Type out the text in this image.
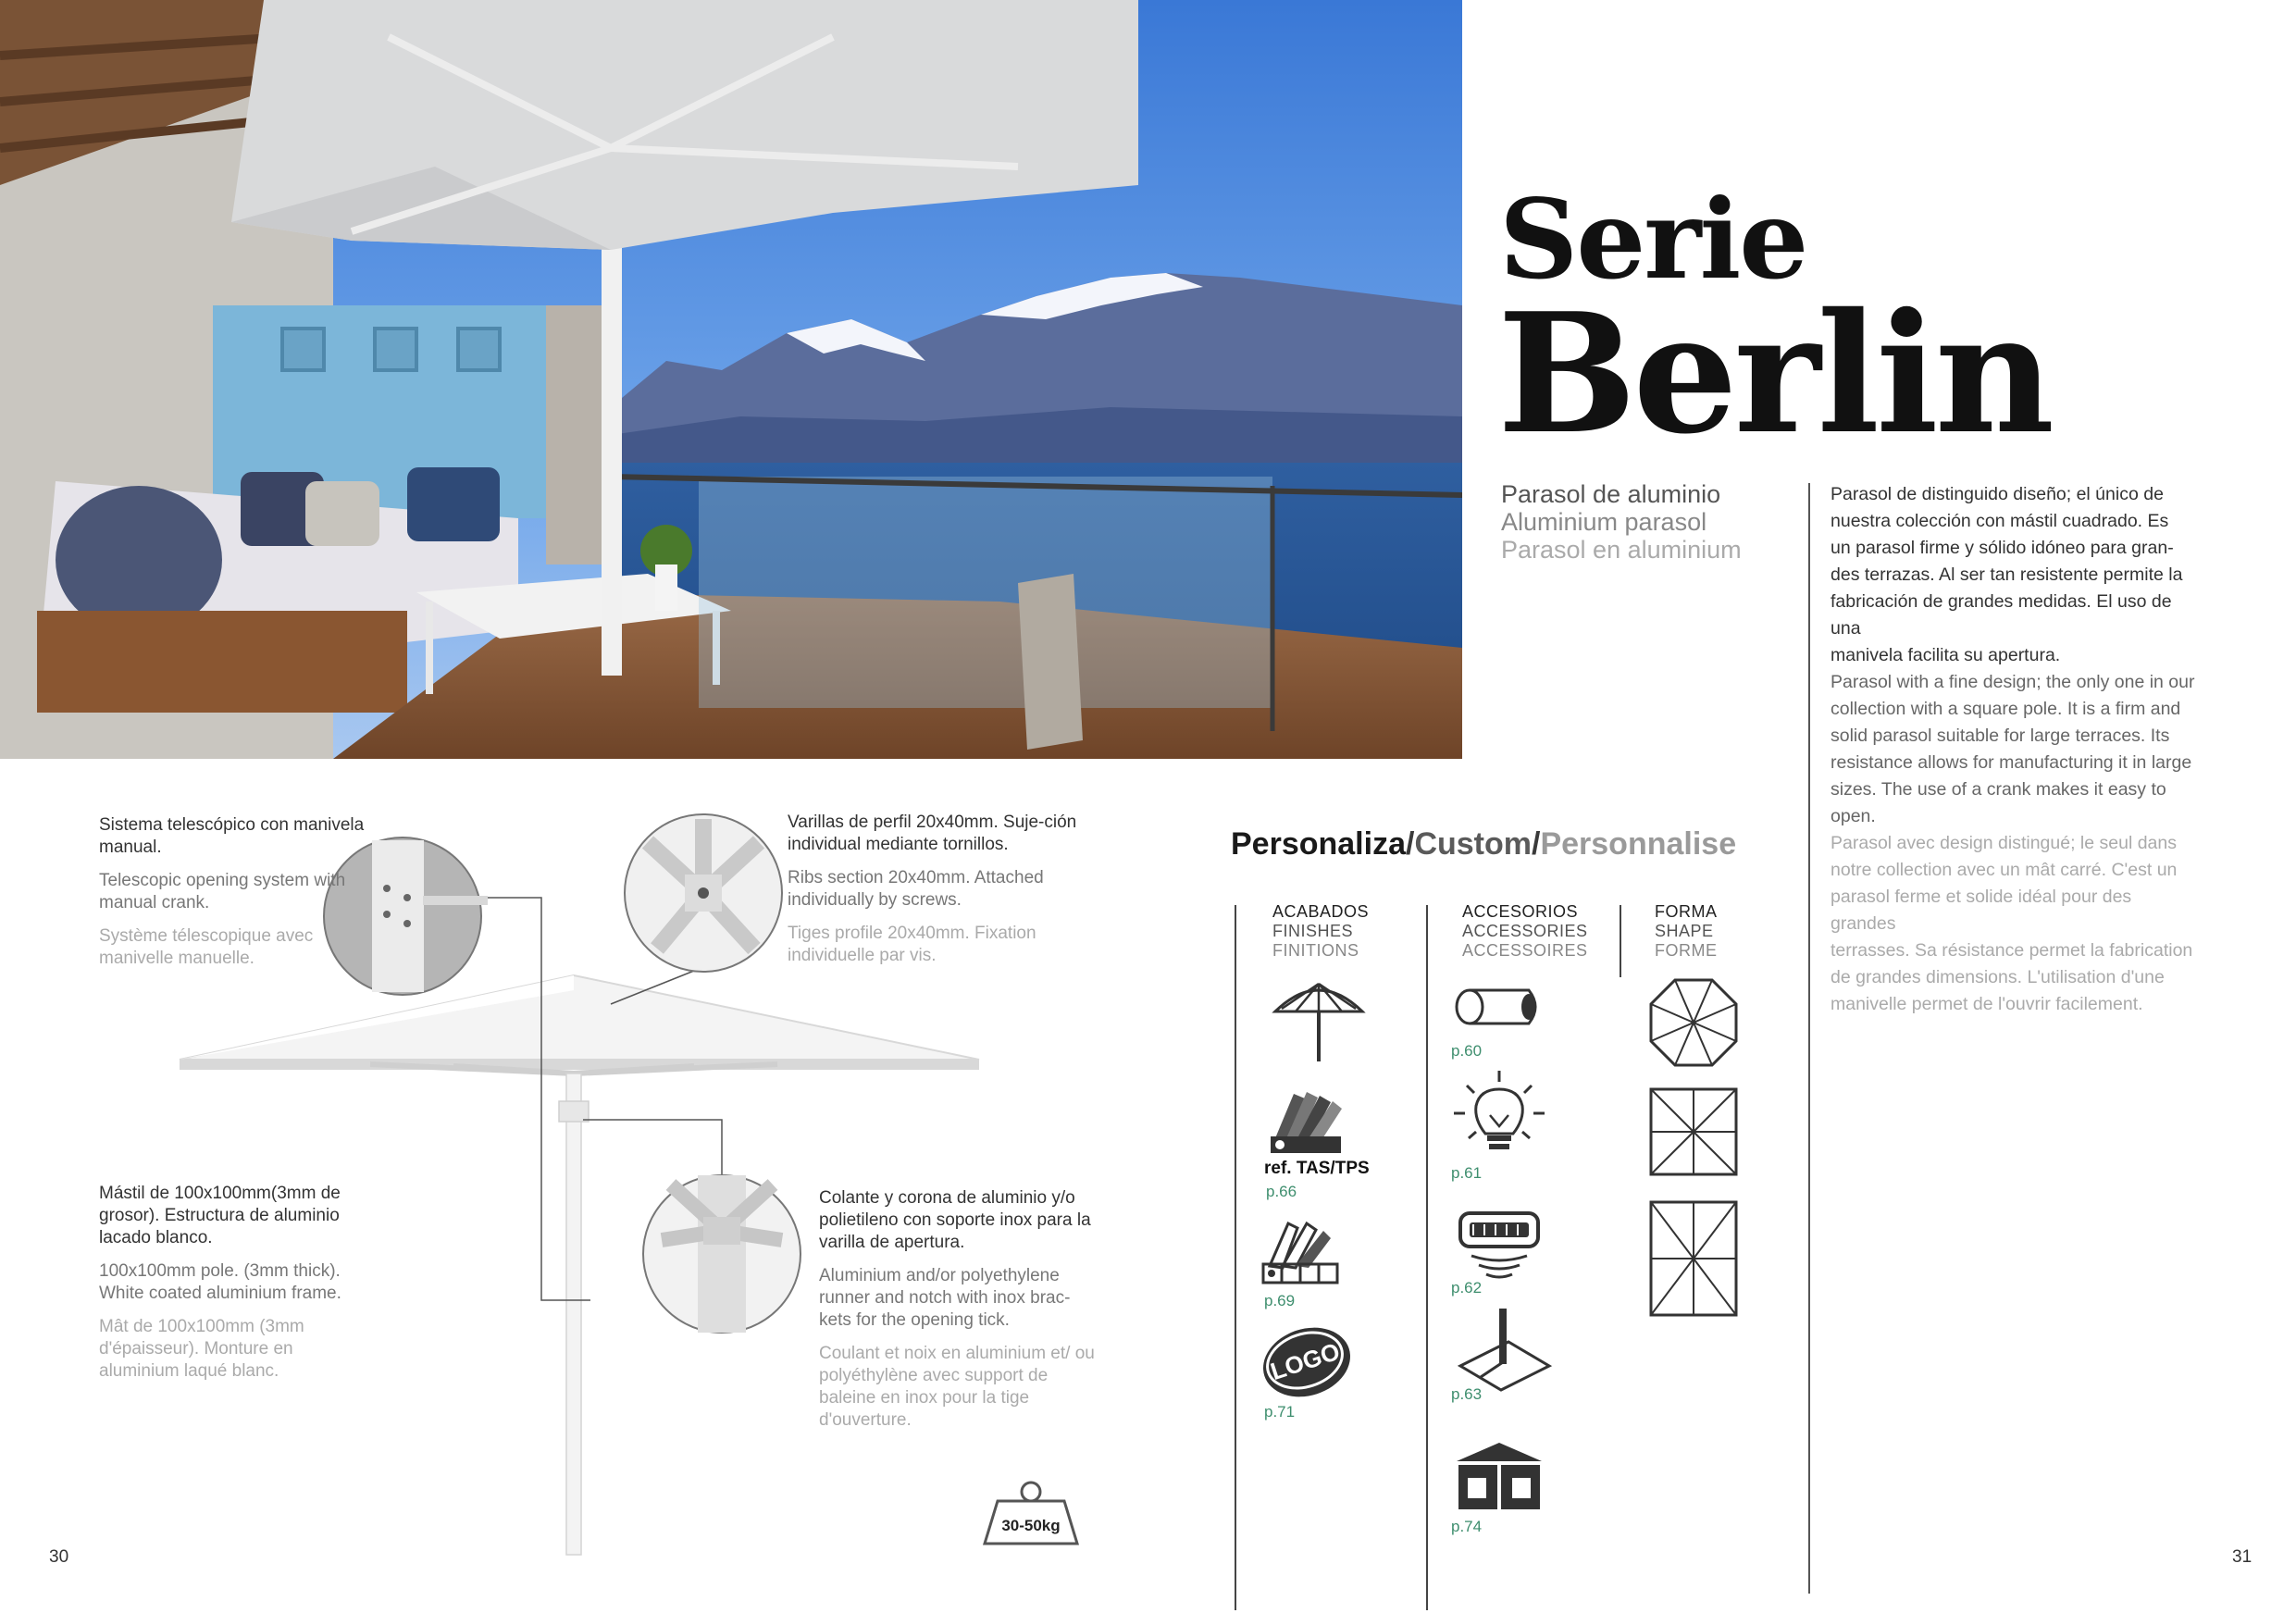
Serie
Berlin
Parasol de aluminio
Aluminium parasol
Parasol en aluminium
Parasol de distinguido diseño; el único de
nuestra colección con mástil cuadrado. Es
un parasol firme y sólido idóneo para gran-
des terrazas. Al ser tan resistente permite la
fabricación de grandes medidas. El uso de una
manivela facilita su apertura.
Parasol with a fine design; the only one in our
collection with a square pole. It is a firm and
solid parasol suitable for large terraces. Its
resistance allows for manufacturing it in large
sizes. The use of a crank makes it easy to open.
Parasol avec design distingué; le seul dans
notre collection avec un mât carré. C'est un
parasol ferme et solide idéal pour des grandes
terrasses. Sa résistance permet la fabrication
de grandes dimensions. L'utilisation d'une
manivelle permet de l'ouvrir facilement.
Personaliza/Custom/Personnalise
ACABADOS
FINISHES
FINITIONS
ACCESORIOS
ACCESSORIES
ACCESSOIRES
FORMA
SHAPE
FORME
ref. TAS/TPS
p.66
p.69
LOGO
p.71
p.60
p.61
p.62
p.63
p.74
30-50kg
Sistema telescópico con manivela manual.
Telescopic opening system with manual crank.
Système télescopique avec manivelle manuelle.
Varillas de perfil 20x40mm. Suje-ción individual mediante tornillos.
Ribs section 20x40mm. Attached individually by screws.
Tiges profile 20x40mm. Fixation individuelle par vis.
Mástil de 100x100mm(3mm de grosor). Estructura de aluminio lacado blanco.
100x100mm pole. (3mm thick). White coated aluminium frame.
Mât de 100x100mm (3mm d'épaisseur). Monture en aluminium laqué blanc.
Colante y corona de aluminio y/o polietileno con soporte inox para la varilla de apertura.
Aluminium and/or polyethylene runner and notch with inox brac-kets for the opening tick.
Coulant et noix en aluminium et/ ou polyéthylène avec support de baleine en inox pour la tige d'ouverture.
30	31
